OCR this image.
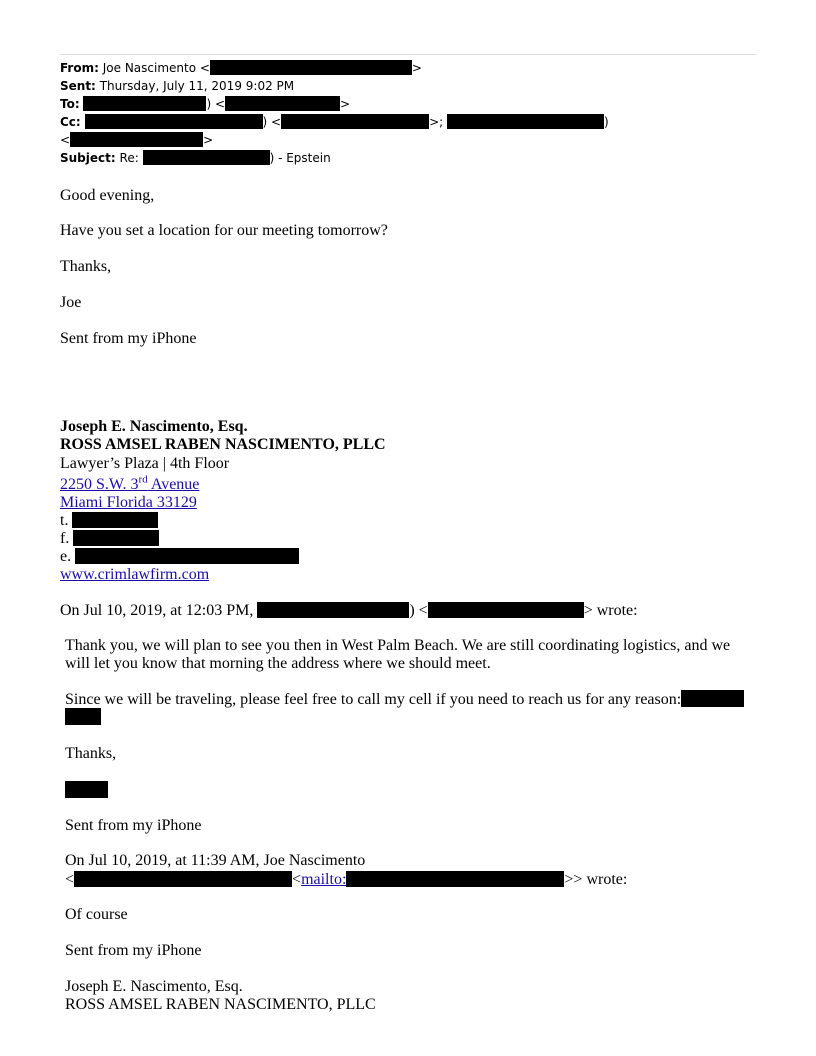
From: Joe Nascimento <	>
Sent: Thursday, July 11, 2019 9:02 PM
To:	) <	>
Cc:	) <	>;	)
<	>
Subject: Re:	) - Epstein
Good evening,
Have you set a location for our meeting tomorrow?
Thanks,
Joe
Sent from my iPhone
Joseph E. Nascimento, Esq.
ROSS AMSEL RABEN NASCIMENTO, PLLC
Lawyer’s Plaza | 4th Floor
2250 S.W. 3rd Avenue
Miami Florida 33129
t.
f.
e.
www.crimlawfirm.com
On Jul 10, 2019, at 12:03 PM,	) <	> wrote:
Thank you, we will plan to see you then in West Palm Beach. We are still coordinating logistics, and we
will let you know that morning the address where we should meet.
Since we will be traveling, please feel free to call my cell if you need to reach us for any reason:
Thanks,
Sent from my iPhone
On Jul 10, 2019, at 11:39 AM, Joe Nascimento
<	<mailto:	>> wrote:
Of course
Sent from my iPhone
Joseph E. Nascimento, Esq.
ROSS AMSEL RABEN NASCIMENTO, PLLC
